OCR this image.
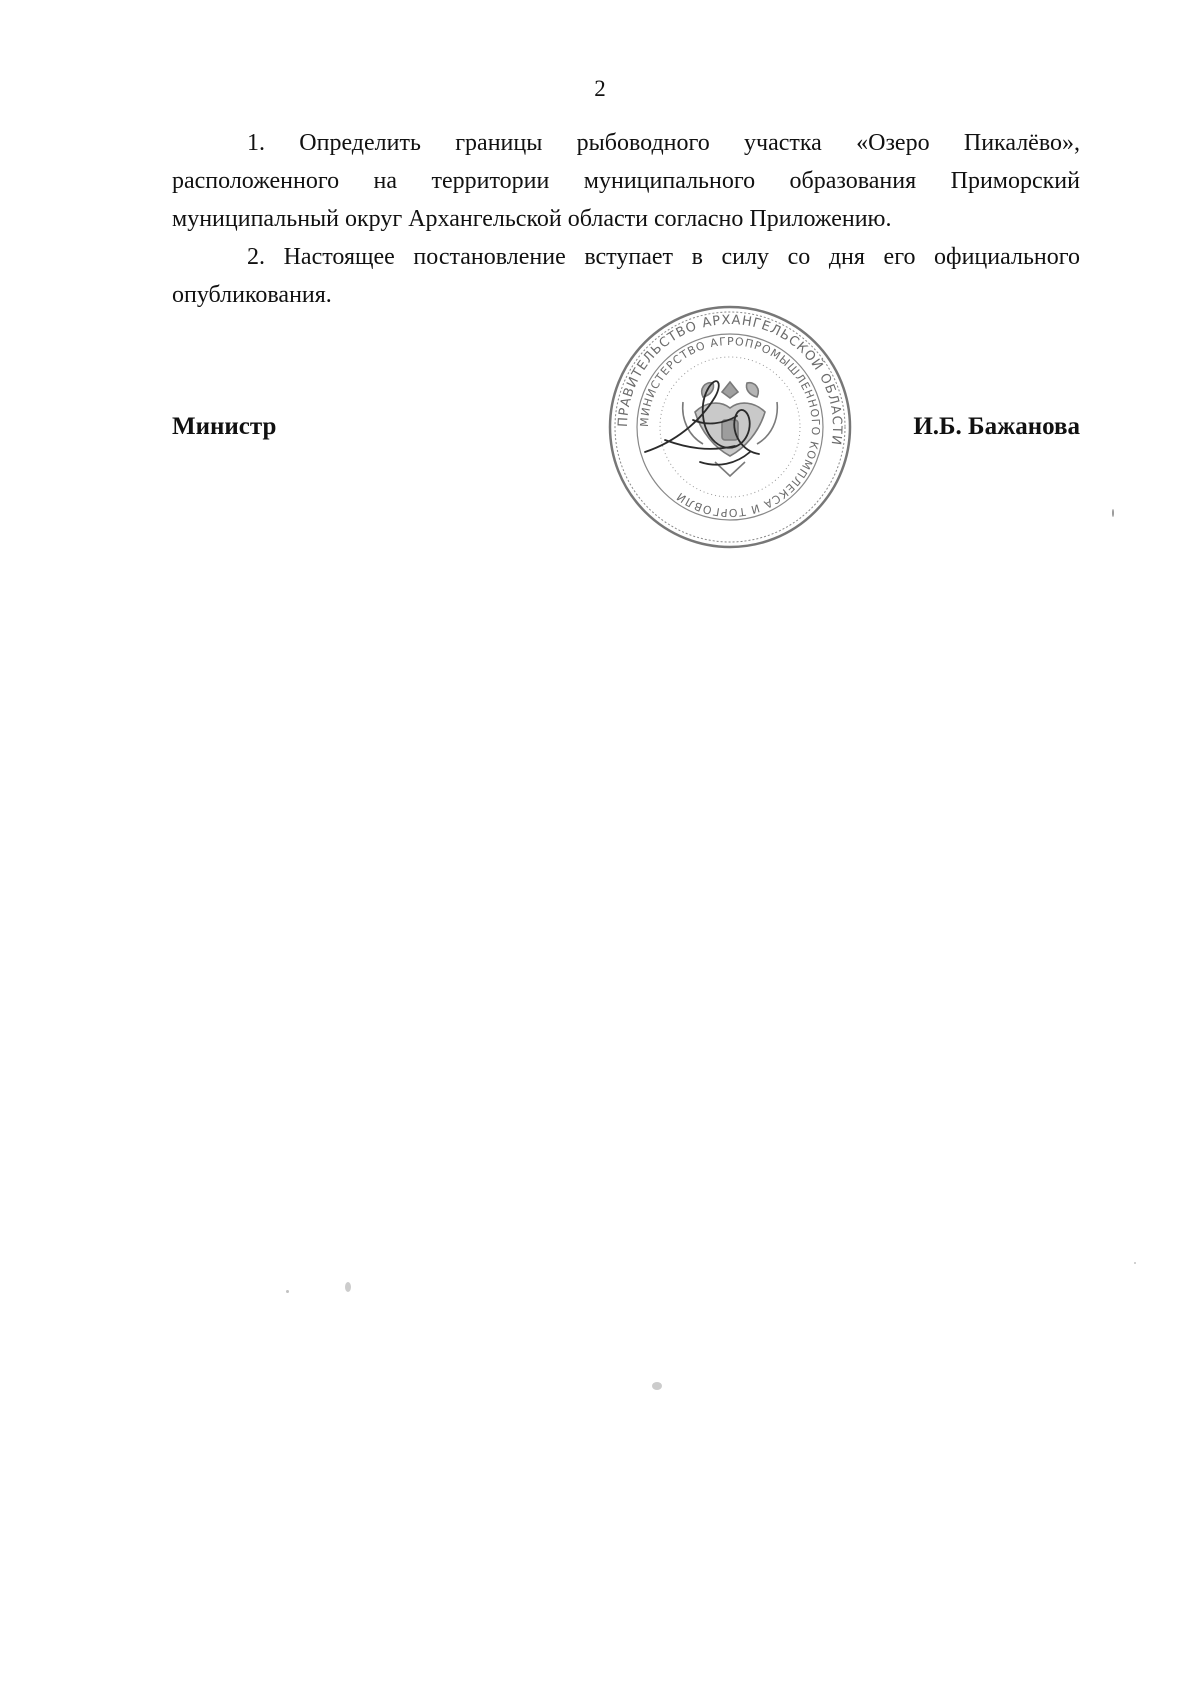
2

1. Определить границы рыбоводного участка «Озеро Пикалёво», расположенного на территории муниципального образования Приморский муниципальный округ Архангельской области согласно Приложению.

2. Настоящее постановление вступает в силу со дня его официального опубликования.

ПРАВИТЕЛЬСТВО АРХАНГЕЛЬСКОЙ ОБЛАСТИ
МИНИСТЕРСТВО АГРОПРОМЫШЛЕННОГО КОМПЛЕКСА И ТОРГОВЛИ
Министр	И.Б. Бажанова
